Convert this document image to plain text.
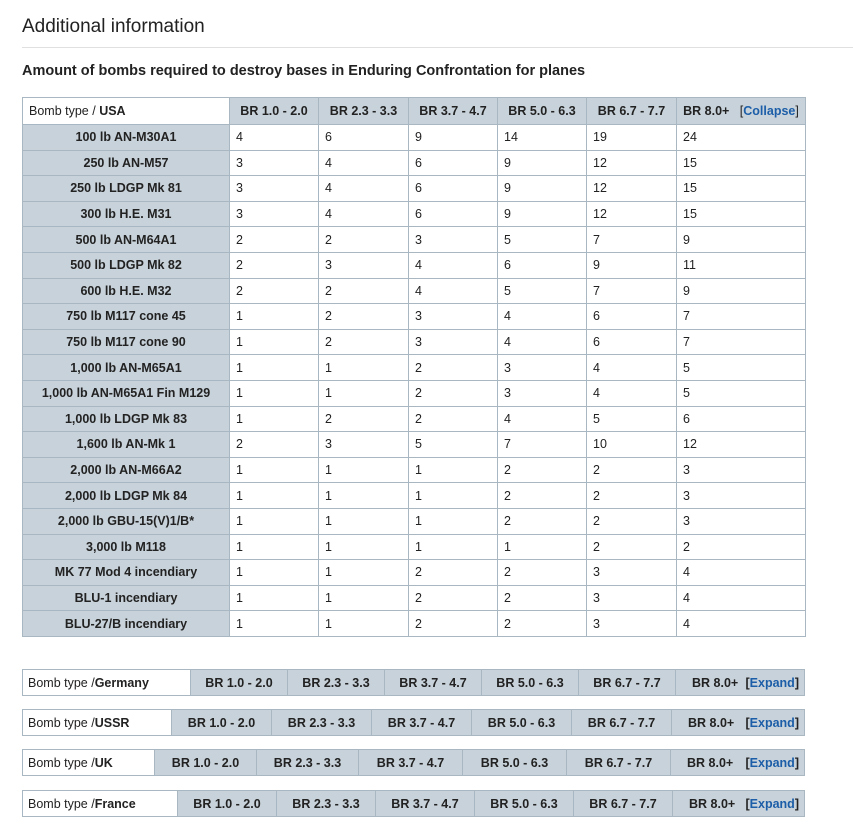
Additional information
Amount of bombs required to destroy bases in Enduring Confrontation for planes
Bomb type / USA	BR 1.0 - 2.0	BR 2.3 - 3.3	BR 3.7 - 4.7	BR 5.0 - 6.3	BR 6.7 - 7.7	BR 8.0+   [Collapse]
100 lb AN-M30A1	4	6	9	14	19	24
250 lb AN-M57	3	4	6	9	12	15
250 lb LDGP Mk 81	3	4	6	9	12	15
300 lb H.E. M31	3	4	6	9	12	15
500 lb AN-M64A1	2	2	3	5	7	9
500 lb LDGP Mk 82	2	3	4	6	9	11
600 lb H.E. M32	2	2	4	5	7	9
750 lb M117 cone 45	1	2	3	4	6	7
750 lb M117 cone 90	1	2	3	4	6	7
1,000 lb AN-M65A1	1	1	2	3	4	5
1,000 lb AN-M65A1 Fin M129	1	1	2	3	4	5
1,000 lb LDGP Mk 83	1	2	2	4	5	6
1,600 lb AN-Mk 1	2	3	5	7	10	12
2,000 lb AN-M66A2	1	1	1	2	2	3
2,000 lb LDGP Mk 84	1	1	1	2	2	3
2,000 lb GBU-15(V)1/B*	1	1	1	2	2	3
3,000 lb M118	1	1	1	1	2	2
MK 77 Mod 4 incendiary	1	1	2	2	3	4
BLU-1 incendiary	1	1	2	2	3	4
BLU-27/B incendiary	1	1	2	2	3	4
Bomb type / Germany	BR 1.0 - 2.0	BR 2.3 - 3.3	BR 3.7 - 4.7	BR 5.0 - 6.3	BR 6.7 - 7.7	BR 8.0+ [Expand]
Bomb type / USSR	BR 1.0 - 2.0	BR 2.3 - 3.3	BR 3.7 - 4.7	BR 5.0 - 6.3	BR 6.7 - 7.7	BR 8.0+ [Expand]
Bomb type / UK	BR 1.0 - 2.0	BR 2.3 - 3.3	BR 3.7 - 4.7	BR 5.0 - 6.3	BR 6.7 - 7.7	BR 8.0+ [Expand]
Bomb type / France	BR 1.0 - 2.0	BR 2.3 - 3.3	BR 3.7 - 4.7	BR 5.0 - 6.3	BR 6.7 - 7.7	BR 8.0+ [Expand]
